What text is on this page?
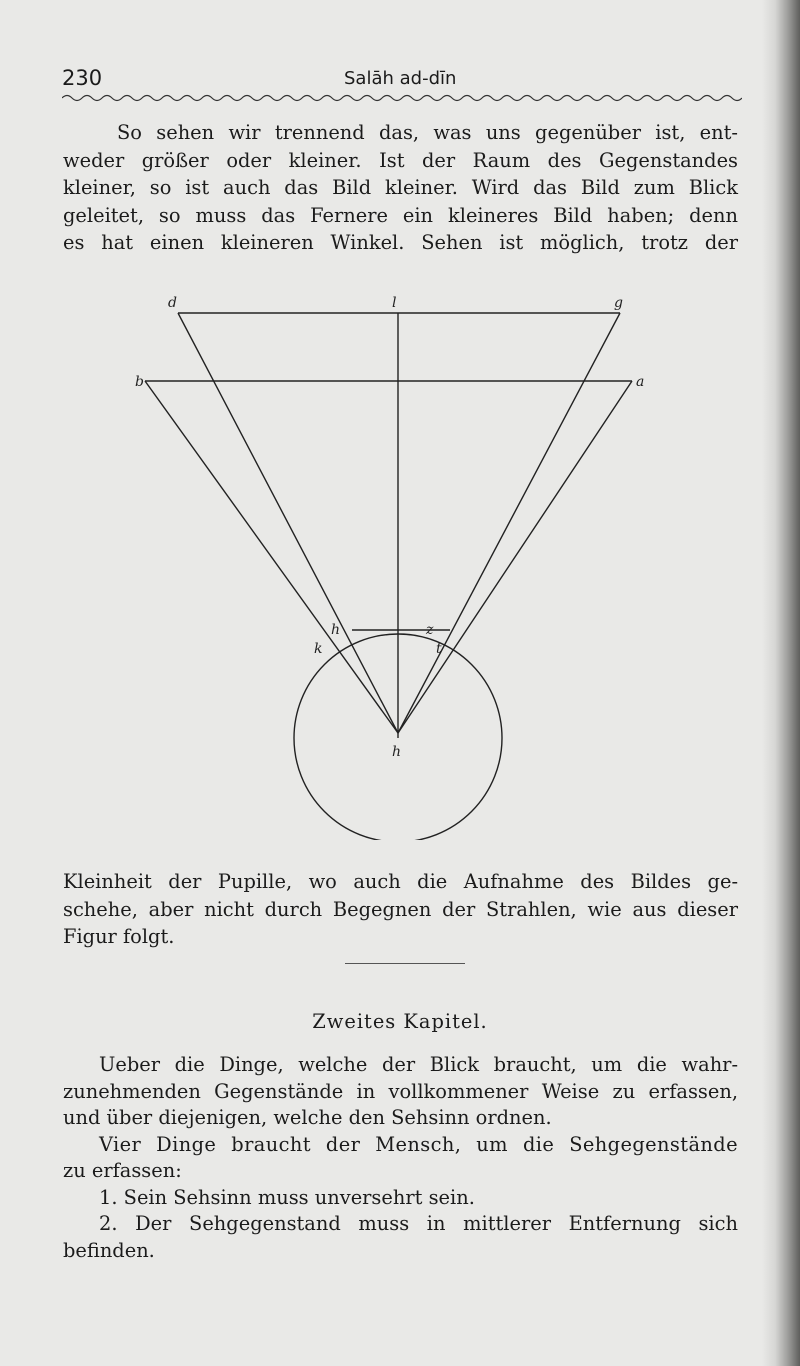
230	Salāh ad-dīn
So sehen wir trennend das, was uns gegenüber ist, ent-
weder größer oder kleiner. Ist der Raum des Gegenstandes
kleiner, so ist auch das Bild kleiner. Wird das Bild zum Blick
geleitet, so muss das Fernere ein kleineres Bild haben; denn
es hat einen kleineren Winkel. Sehen ist möglich, trotz der
d	l	g
b	a
h
k
z
t
h
Kleinheit der Pupille, wo auch die Aufnahme des Bildes ge-
schehe, aber nicht durch Begegnen der Strahlen, wie aus dieser
Figur folgt.
Zweites Kapitel.
Ueber die Dinge, welche der Blick braucht, um die wahr-
zunehmenden Gegenstände in vollkommener Weise zu erfassen,
und über diejenigen, welche den Sehsinn ordnen.
Vier Dinge braucht der Mensch, um die Sehgegenstände
zu erfassen:
1. Sein Sehsinn muss unversehrt sein.
2. Der Sehgegenstand muss in mittlerer Entfernung sich
befinden.
